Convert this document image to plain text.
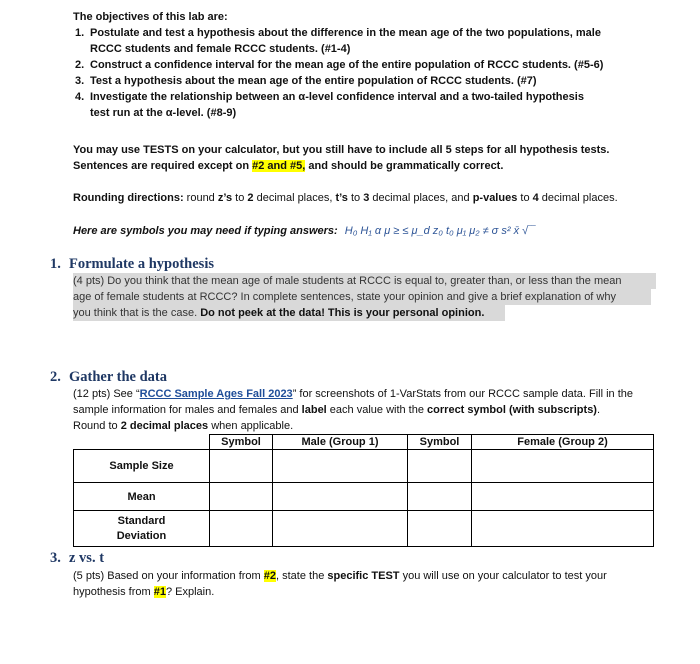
The objectives of this lab are:
1. Postulate and test a hypothesis about the difference in the mean age of the two populations, male
RCCC students and female RCCC students. (#1-4)
2. Construct a confidence interval for the mean age of the entire population of RCCC students. (#5-6)
3. Test a hypothesis about the mean age of the entire population of RCCC students. (#7)
4. Investigate the relationship between an α-level confidence interval and a two-tailed hypothesis
test run at the α-level. (#8-9)
You may use TESTS on your calculator, but you still have to include all 5 steps for all hypothesis tests.
Sentences are required except on #2 and #5, and should be grammatically correct.
Rounding directions: round z’s to 2 decimal places, t’s to 3 decimal places, and p-values to 4 decimal places.
Here are symbols you may need if typing answers: H₀ H₁ α μ ≥ ≤ μ_d z₀ t₀ μ₁ μ₂ ≠ σ s² x̄ √‾‾
1. Formulate a hypothesis
(4 pts) Do you think that the mean age of male students at RCCC is equal to, greater than, or less than the mean
age of female students at RCCC? In complete sentences, state your opinion and give a brief explanation of why
you think that is the case. Do not peek at the data! This is your personal opinion.
2. Gather the data
(12 pts) See “RCCC Sample Ages Fall 2023” for screenshots of 1-VarStats from our RCCC sample data. Fill in the
sample information for males and females and label each value with the correct symbol (with subscripts).
Round to 2 decimal places when applicable.
	Symbol	Male (Group 1)	Symbol	Female (Group 2)
Sample Size				
Mean				

Standard
Deviation				

3. z vs. t
(5 pts) Based on your information from #2, state the specific TEST you will use on your calculator to test your
hypothesis from #1? Explain.
